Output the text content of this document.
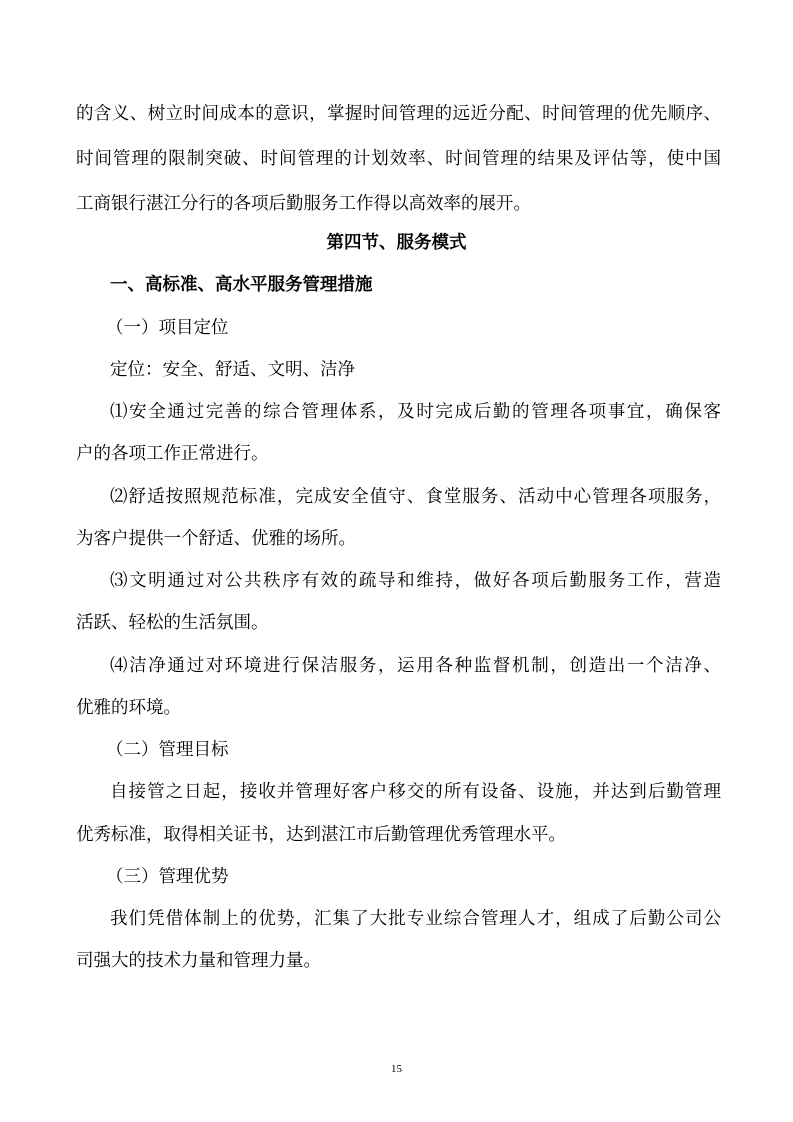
的含义、树立时间成本的意识，掌握时间管理的远近分配、时间管理的优先顺序、
时间管理的限制突破、时间管理的计划效率、时间管理的结果及评估等，使中国
工商银行湛江分行的各项后勤服务工作得以高效率的展开。
第四节、服务模式
一、高标准、高水平服务管理措施
（一）项目定位
定位：安全、舒适、文明、洁净
⑴安全通过完善的综合管理体系，及时完成后勤的管理各项事宜，确保客
户的各项工作正常进行。
⑵舒适按照规范标准，完成安全值守、食堂服务、活动中心管理各项服务，
为客户提供一个舒适、优雅的场所。
⑶文明通过对公共秩序有效的疏导和维持，做好各项后勤服务工作，营造
活跃、轻松的生活氛围。
⑷洁净通过对环境进行保洁服务，运用各种监督机制，创造出一个洁净、
优雅的环境。
（二）管理目标
自接管之日起，接收并管理好客户移交的所有设备、设施，并达到后勤管理
优秀标准，取得相关证书，达到湛江市后勤管理优秀管理水平。
（三）管理优势
我们凭借体制上的优势，汇集了大批专业综合管理人才，组成了后勤公司公
司强大的技术力量和管理力量。
15
